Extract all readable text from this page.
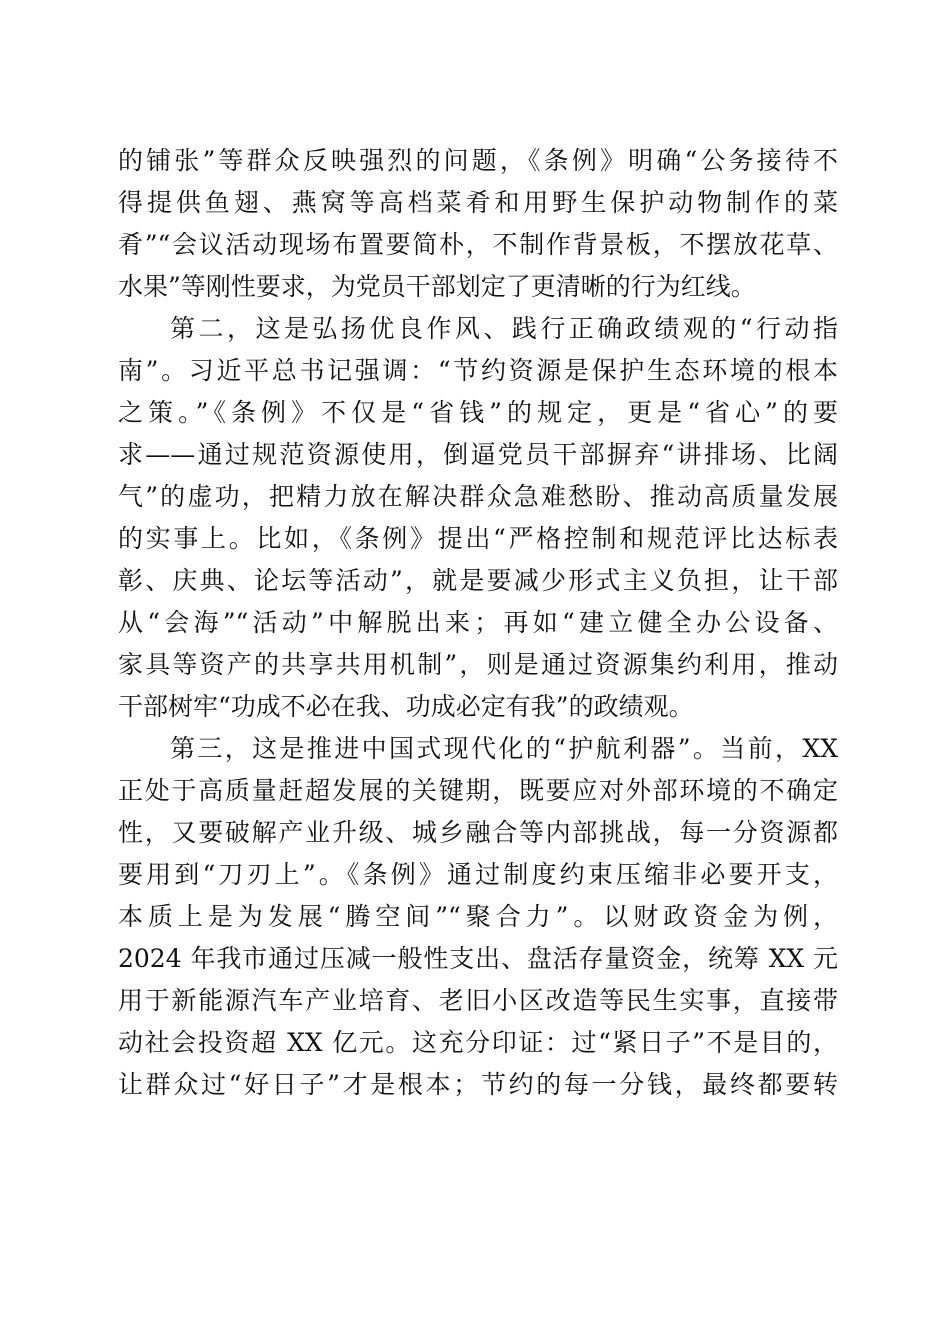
的铺张”等群众反映强烈的问题，《条例》明确“公务接待不
得提供鱼翅、燕窝等高档菜肴和用野生保护动物制作的菜
肴”“会议活动现场布置要简朴，不制作背景板，不摆放花草、
水果”等刚性要求，为党员干部划定了更清晰的行为红线。
第二，这是弘扬优良作风、践行正确政绩观的“行动指
南”。习近平总书记强调：“节约资源是保护生态环境的根本
之策。”《条例》不仅是“省钱”的规定，更是“省心”的要
求——通过规范资源使用，倒逼党员干部摒弃“讲排场、比阔
气”的虚功，把精力放在解决群众急难愁盼、推动高质量发展
的实事上。比如，《条例》提出“严格控制和规范评比达标表
彰、庆典、论坛等活动”，就是要减少形式主义负担，让干部
从“会海”“活动”中解脱出来；再如“建立健全办公设备、
家具等资产的共享共用机制”，则是通过资源集约利用，推动
干部树牢“功成不必在我、功成必定有我”的政绩观。
第三，这是推进中国式现代化的“护航利器”。当前，XX
正处于高质量赶超发展的关键期，既要应对外部环境的不确定
性，又要破解产业升级、城乡融合等内部挑战，每一分资源都
要用到“刀刃上”。《条例》通过制度约束压缩非必要开支，
本质上是为发展“腾空间”“聚合力”。以财政资金为例，
2024 年我市通过压减一般性支出、盘活存量资金，统筹 XX 元
用于新能源汽车产业培育、老旧小区改造等民生实事，直接带
动社会投资超 XX 亿元。这充分印证：过“紧日子”不是目的，
让群众过“好日子”才是根本；节约的每一分钱，最终都要转
